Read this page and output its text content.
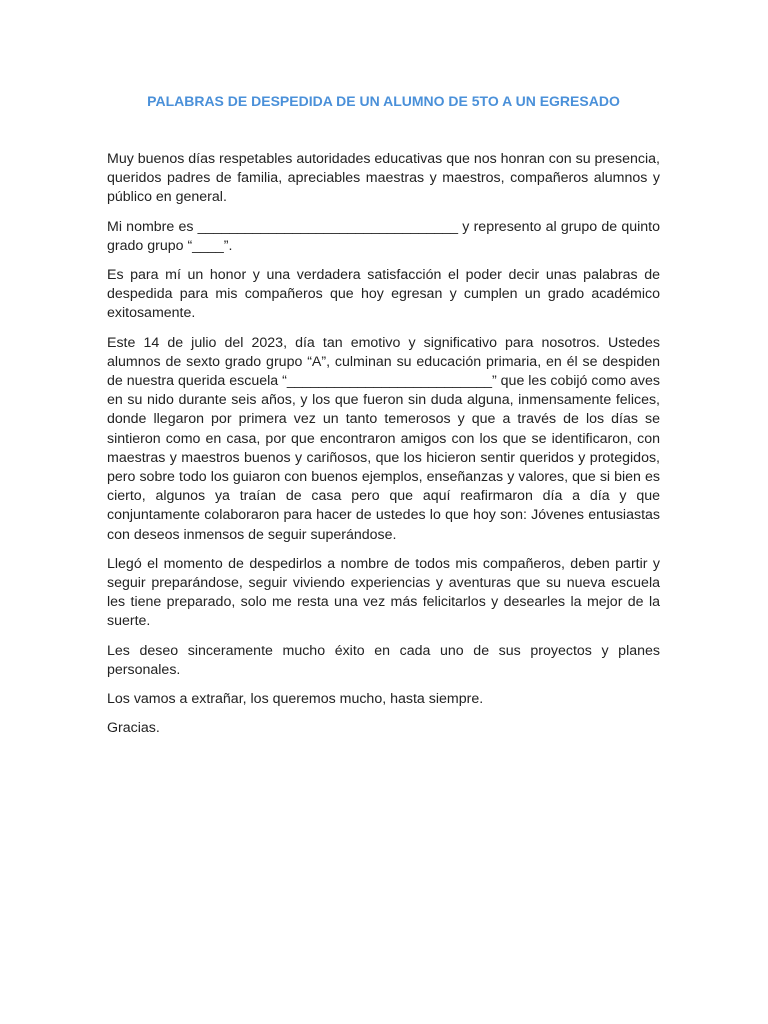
PALABRAS DE DESPEDIDA DE UN ALUMNO DE 5TO A UN EGRESADO

Muy buenos días respetables autoridades educativas que nos honran con su presencia, queridos padres de familia, apreciables maestras y maestros, compañeros alumnos y público en general.

Mi nombre es _________________________________ y represento al grupo de quinto grado grupo “____”.

Es para mí un honor y una verdadera satisfacción el poder decir unas palabras de despedida para mis compañeros que hoy egresan y cumplen un grado académico exitosamente.

Este 14 de julio del 2023, día tan emotivo y significativo para nosotros. Ustedes alumnos de sexto grado grupo “A”, culminan su educación primaria, en él se despiden de nuestra querida escuela “__________________________” que les cobijó como aves en su nido durante seis años, y los que fueron sin duda alguna, inmensamente felices, donde llegaron por primera vez un tanto temerosos y que a través de los días se sintieron como en casa, por que encontraron amigos con los que se identificaron, con maestras y maestros buenos y cariñosos, que los hicieron sentir queridos y protegidos, pero sobre todo los guiaron con buenos ejemplos, enseñanzas y valores, que si bien es cierto, algunos ya traían de casa pero que aquí reafirmaron día a día y que conjuntamente colaboraron para hacer de ustedes lo que hoy son: Jóvenes entusiastas con deseos inmensos de seguir superándose.

Llegó el momento de despedirlos a nombre de todos mis compañeros, deben partir y seguir preparándose, seguir viviendo experiencias y aventuras que su nueva escuela les tiene preparado, solo me resta una vez más felicitarlos y desearles la mejor de la suerte.

Les deseo sinceramente mucho éxito en cada uno de sus proyectos y planes personales.

Los vamos a extrañar, los queremos mucho, hasta siempre.

Gracias.
